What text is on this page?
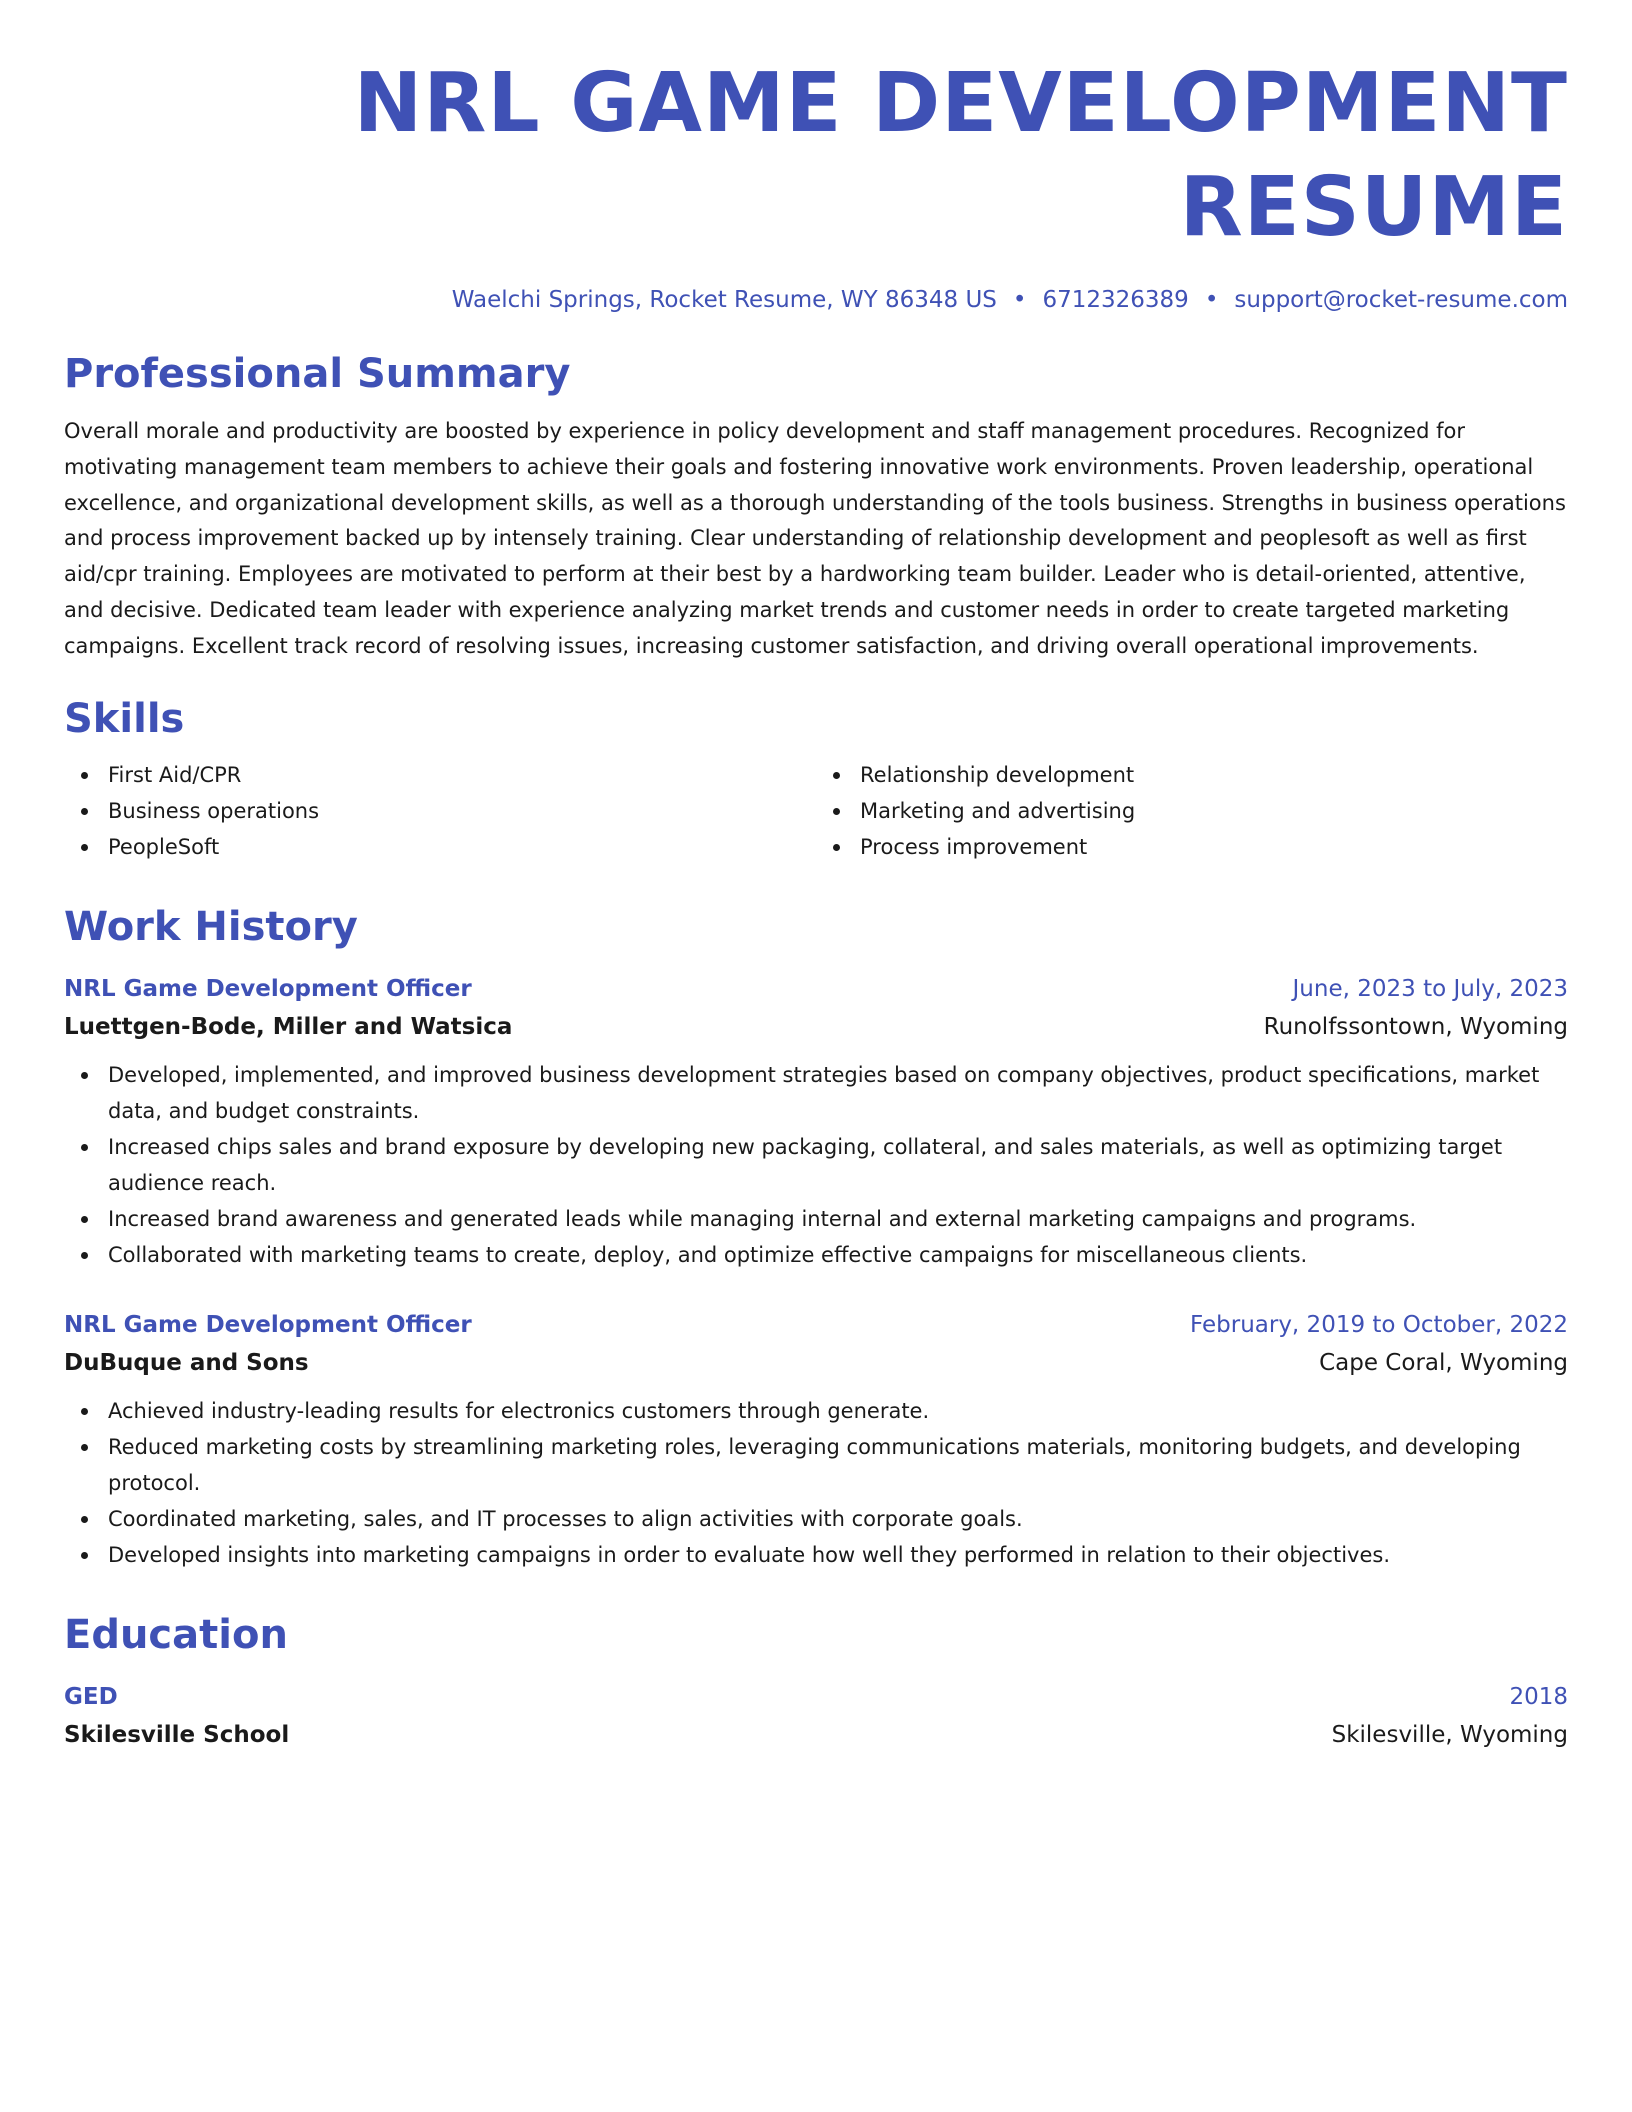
NRL GAME DEVELOPMENT RESUME
Waelchi Springs, Rocket Resume, WY 86348 US • 6712326389 • support@rocket-resume.com
Professional Summary
Overall morale and productivity are boosted by experience in policy development and staff management procedures. Recognized for motivating management team members to achieve their goals and fostering innovative work environments. Proven leadership, operational excellence, and organizational development skills, as well as a thorough understanding of the tools business. Strengths in business operations and process improvement backed up by intensely training. Clear understanding of relationship development and peoplesoft as well as first aid/cpr training. Employees are motivated to perform at their best by a hardworking team builder. Leader who is detail-oriented, attentive, and decisive. Dedicated team leader with experience analyzing market trends and customer needs in order to create targeted marketing campaigns. Excellent track record of resolving issues, increasing customer satisfaction, and driving overall operational improvements.
Skills
First Aid/CPR
Business operations
PeopleSoft
Relationship development
Marketing and advertising
Process improvement
Work History
NRL Game Development Officer	June, 2023 to July, 2023
Luettgen-Bode, Miller and Watsica	Runolfssontown, Wyoming
Developed, implemented, and improved business development strategies based on company objectives, product specifications, market data, and budget constraints.
Increased chips sales and brand exposure by developing new packaging, collateral, and sales materials, as well as optimizing target audience reach.
Increased brand awareness and generated leads while managing internal and external marketing campaigns and programs.
Collaborated with marketing teams to create, deploy, and optimize effective campaigns for miscellaneous clients.
NRL Game Development Officer	February, 2019 to October, 2022
DuBuque and Sons	Cape Coral, Wyoming
Achieved industry-leading results for electronics customers through generate.
Reduced marketing costs by streamlining marketing roles, leveraging communications materials, monitoring budgets, and developing protocol.
Coordinated marketing, sales, and IT processes to align activities with corporate goals.
Developed insights into marketing campaigns in order to evaluate how well they performed in relation to their objectives.
Education
GED	2018
Skilesville School	Skilesville, Wyoming
